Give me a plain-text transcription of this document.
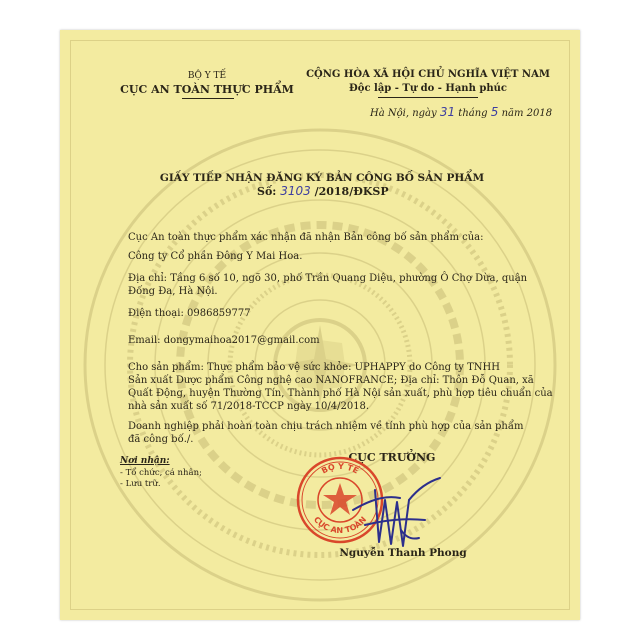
BỘ Y TẾ
CỤC AN TOÀN THỰC PHẨM
CỘNG HÒA XÃ HỘI CHỦ NGHĨA VIỆT NAM
Độc lập - Tự do - Hạnh phúc
Hà Nội, ngày 31 tháng 5 năm 2018
GIẤY TIẾP NHẬN ĐĂNG KÝ BẢN CÔNG BỐ SẢN PHẨM
Số: 3103 /2018/ĐKSP
Cục An toàn thực phẩm xác nhận đã nhận Bản công bố sản phẩm của:
Công ty Cổ phần Đông Y Mai Hoa.
Địa chỉ: Tầng 6 số 10, ngõ 30, phố Trần Quang Diệu, phường Ô Chợ Dừa, quận
Đống Đa, Hà Nội.
Điện thoại: 0986859777
Email: dongymaihoa2017@gmail.com
Cho sản phẩm: Thực phẩm bảo vệ sức khỏe: UPHAPPY do Công ty TNHH
Sản xuất Dược phẩm Công nghệ cao NANOFRANCE; Địa chỉ: Thôn Đỗ Quan, xã
Quất Động, huyện Thường Tín, Thành phố Hà Nội sản xuất, phù hợp tiêu chuẩn của
nhà sản xuất số 71/2018-TCCP ngày 10/4/2018.
Doanh nghiệp phải hoàn toàn chịu trách nhiệm về tính phù hợp của sản phẩm
đã công bố./.
Nơi nhận:
- Tổ chức, cá nhân;
- Lưu trữ.
CỤC TRƯỞNG
BỘ Y TẾ
CỤC AN TOÀN
Nguyễn Thanh Phong
